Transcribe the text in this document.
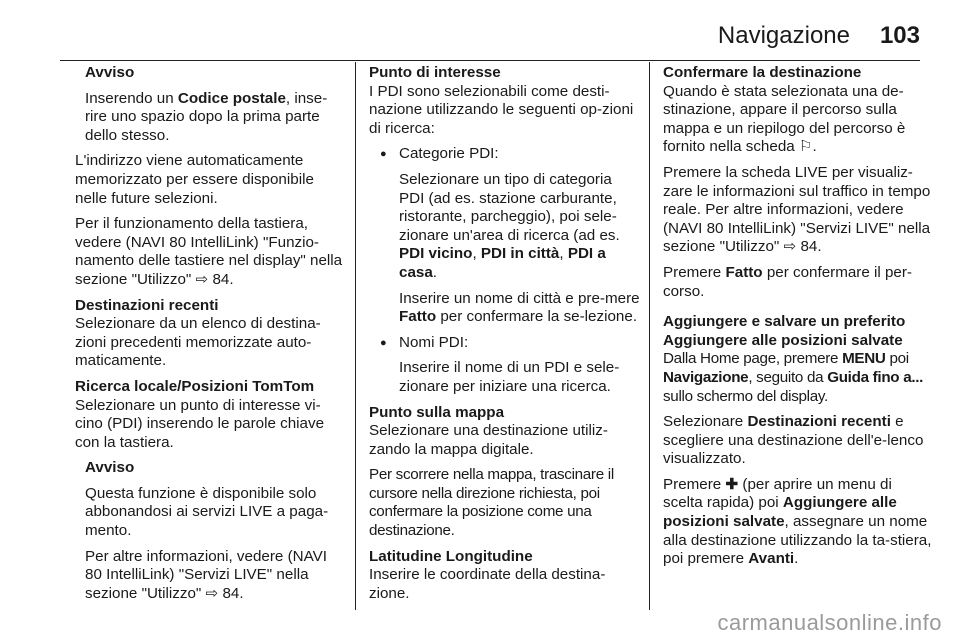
Navigazione 103

Avviso

Inserendo un Codice postale, inse-rire uno spazio dopo la prima parte dello stesso.

L'indirizzo viene automaticamente memorizzato per essere disponibile nelle future selezioni.

Per il funzionamento della tastiera, vedere (NAVI 80 IntelliLink) "Funzio-namento delle tastiere nel display" nella sezione "Utilizzo" ⇨ 84.

Destinazioni recenti

Selezionare da un elenco di destina-zioni precedenti memorizzate auto-maticamente.

Ricerca locale/Posizioni TomTom

Selezionare un punto di interesse vi-cino (PDI) inserendo le parole chiave con la tastiera.

Avviso

Questa funzione è disponibile solo abbonandosi ai servizi LIVE a paga-mento.

Per altre informazioni, vedere (NAVI 80 IntelliLink) "Servizi LIVE" nella sezione "Utilizzo" ⇨ 84.

Punto di interesse

I PDI sono selezionabili come desti-nazione utilizzando le seguenti op-zioni di ricerca:

● Categorie PDI:

Selezionare un tipo di categoria PDI (ad es. stazione carburante, ristorante, parcheggio), poi sele-zionare un'area di ricerca (ad es. PDI vicino, PDI in città, PDI a casa.

Inserire un nome di città e pre-mere Fatto per confermare la se-lezione.

● Nomi PDI:

Inserire il nome di un PDI e sele-zionare per iniziare una ricerca.

Punto sulla mappa

Selezionare una destinazione utiliz-zando la mappa digitale.

Per scorrere nella mappa, trascinare il cursore nella direzione richiesta, poi confermare la posizione come una destinazione.

Latitudine Longitudine

Inserire le coordinate della destina-zione.

Confermare la destinazione

Quando è stata selezionata una de-stinazione, appare il percorso sulla mappa e un riepilogo del percorso è fornito nella scheda ⚐.

Premere la scheda LIVE per visualiz-zare le informazioni sul traffico in tempo reale. Per altre informazioni, vedere (NAVI 80 IntelliLink) "Servizi LIVE" nella sezione "Utilizzo" ⇨ 84.

Premere Fatto per confermare il per-corso.

Aggiungere e salvare un preferito

Aggiungere alle posizioni salvate

Dalla Home page, premere MENU poi Navigazione, seguito da Guida fino a... sullo schermo del display.

Selezionare Destinazioni recenti e scegliere una destinazione dell'e-lenco visualizzato.

Premere ✚ (per aprire un menu di scelta rapida) poi Aggiungere alle posizioni salvate, assegnare un nome alla destinazione utilizzando la ta-stiera, poi premere Avanti.

carmanualsonline.info
